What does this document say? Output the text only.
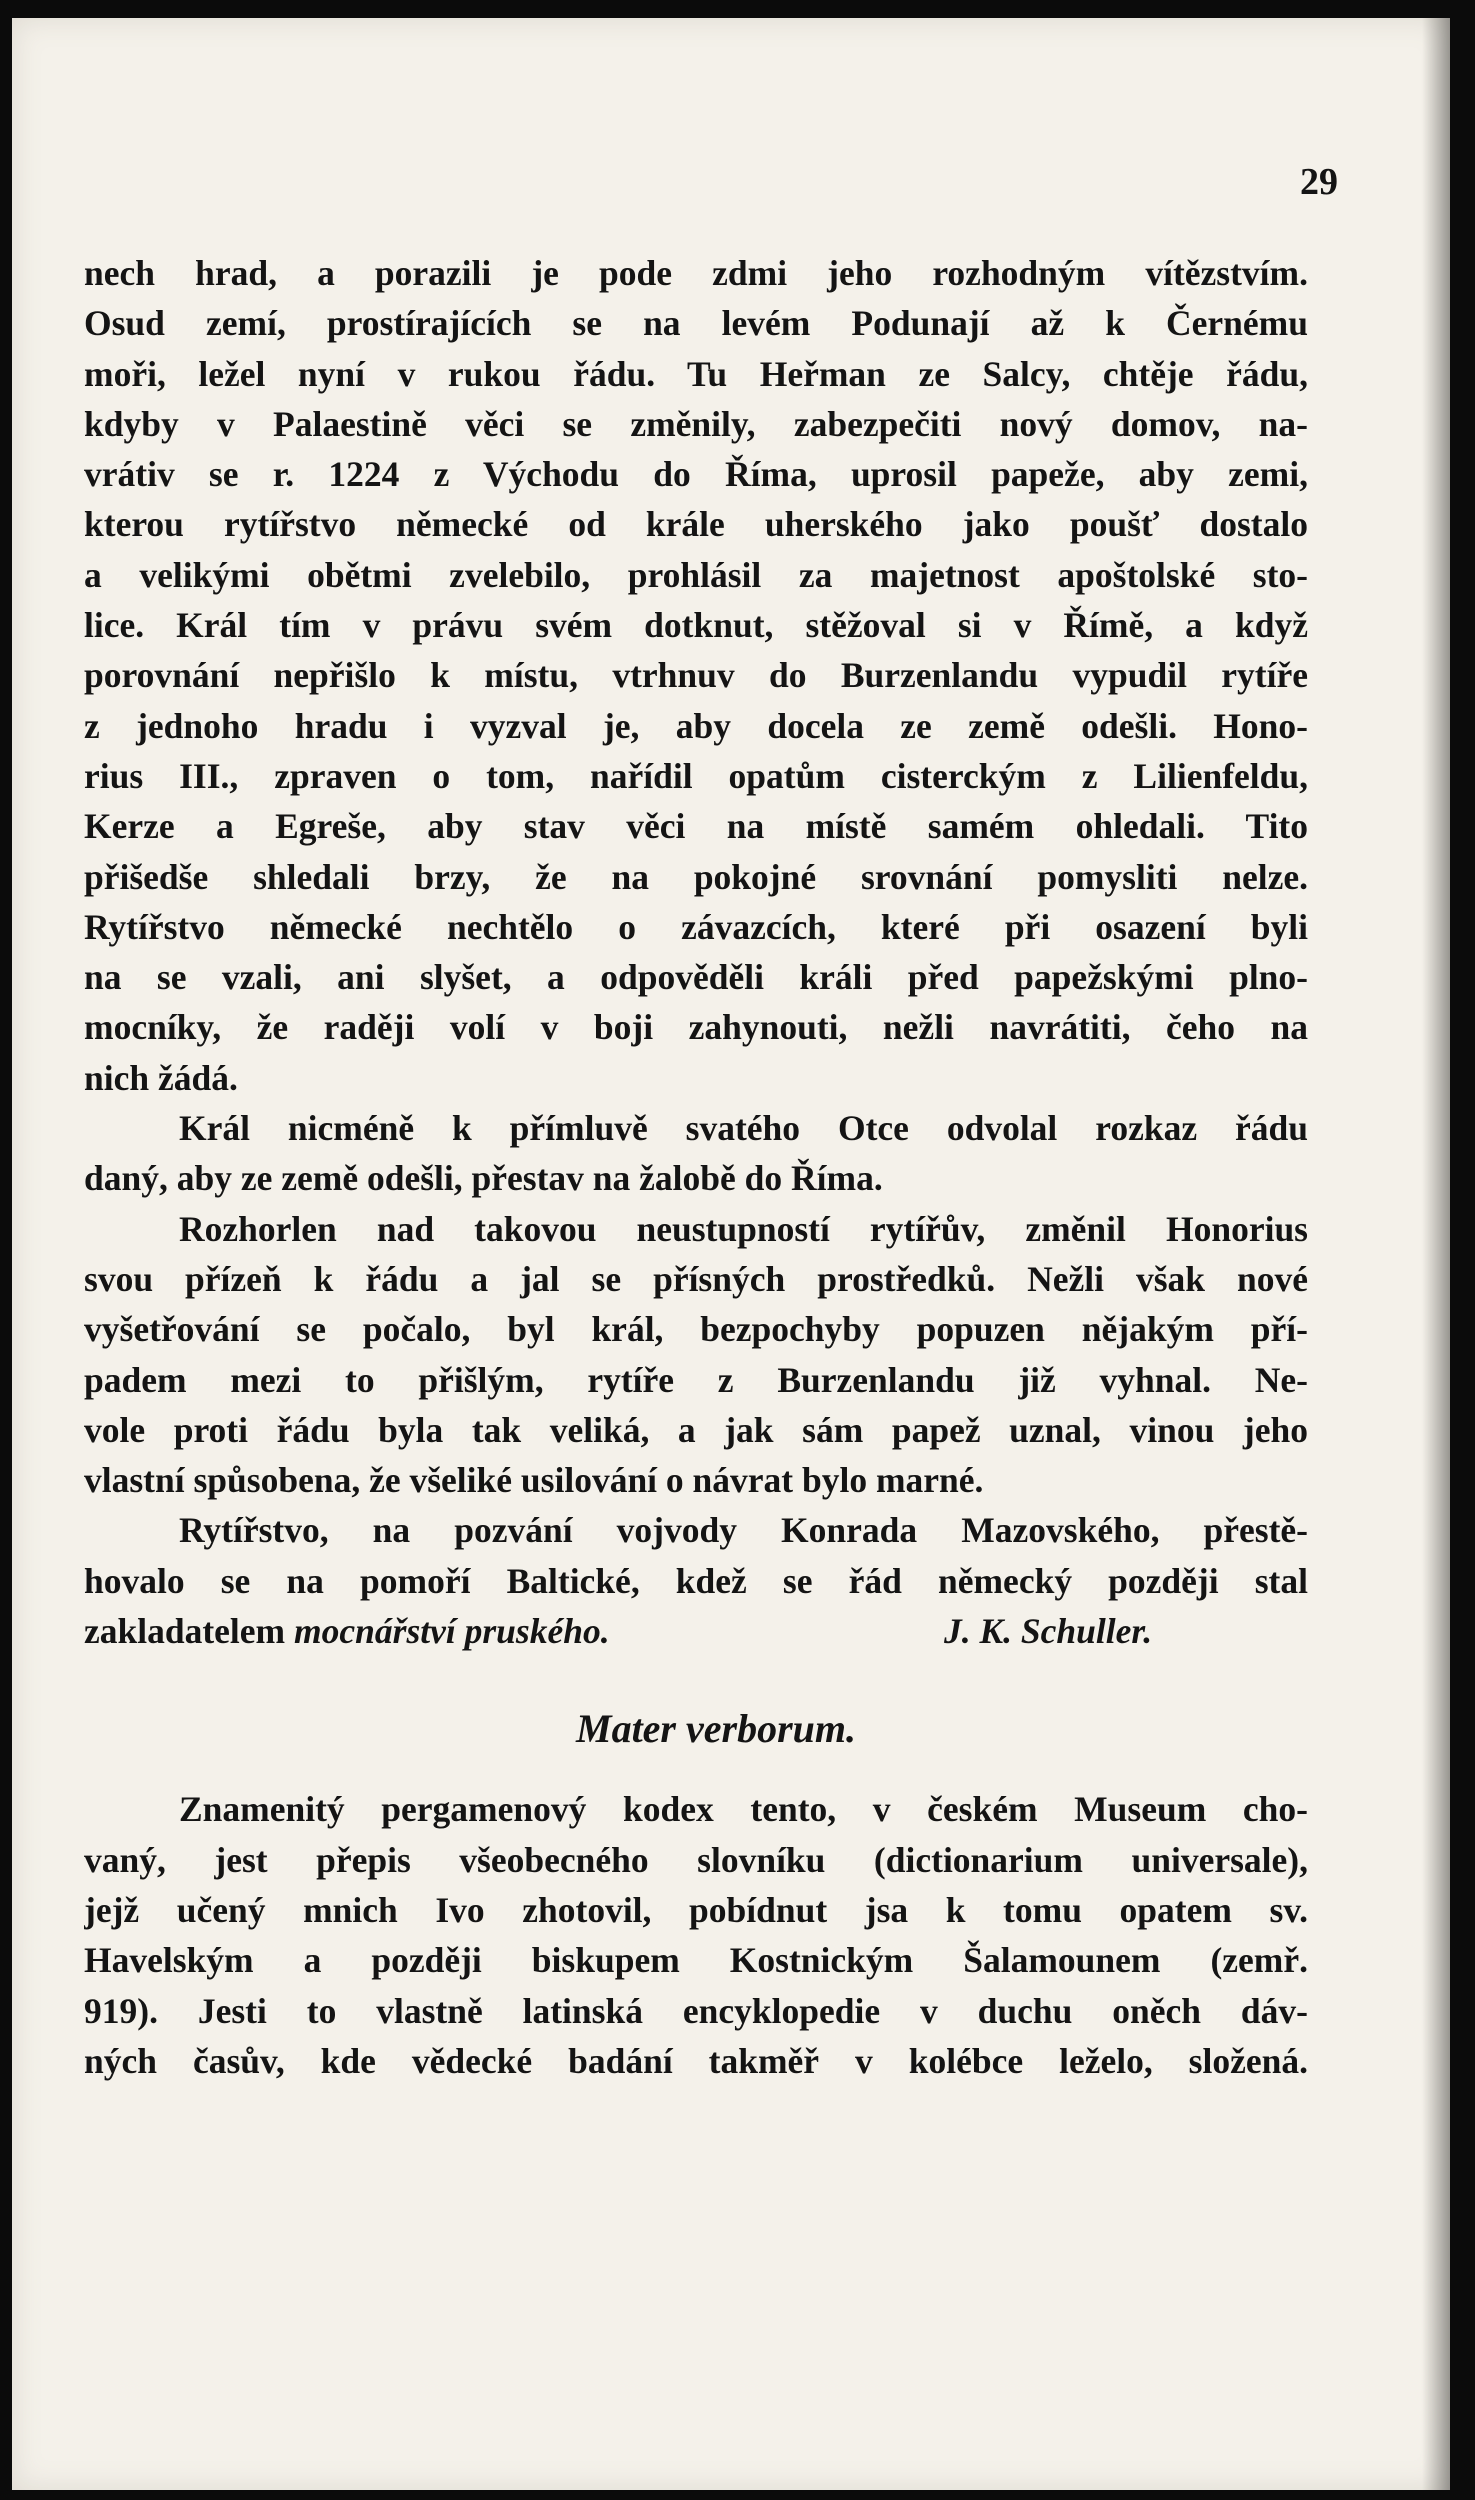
29
nech hrad, a porazili je pode zdmi jeho rozhodným vítězstvím.
Osud zemí, prostírajících se na levém Podunají až k Černému
moři, ležel nyní v rukou řádu. Tu Heřman ze Salcy, chtěje řádu,
kdyby v Palaestině věci se změnily, zabezpečiti nový domov, na-
vrátiv se r. 1224 z Východu do Říma, uprosil papeže, aby zemi,
kterou rytířstvo německé od krále uherského jako poušť dostalo
a velikými obětmi zvelebilo, prohlásil za majetnost apoštolské sto-
lice. Král tím v právu svém dotknut, stěžoval si v Římě, a když
porovnání nepřišlo k místu, vtrhnuv do Burzenlandu vypudil rytíře
z jednoho hradu i vyzval je, aby docela ze země odešli. Hono-
rius III., zpraven o tom, nařídil opatům cisterckým z Lilienfeldu,
Kerze a Egreše, aby stav věci na místě samém ohledali. Tito
přišedše shledali brzy, že na pokojné srovnání pomysliti nelze.
Rytířstvo německé nechtělo o závazcích, které při osazení byli
na se vzali, ani slyšet, a odpověděli králi před papežskými plno-
mocníky, že raději volí v boji zahynouti, nežli navrátiti, čeho na
nich žádá.
Král nicméně k přímluvě svatého Otce odvolal rozkaz řádu
daný, aby ze země odešli, přestav na žalobě do Říma.
Rozhorlen nad takovou neustupností rytířův, změnil Honorius
svou přízeň k řádu a jal se přísných prostředků. Nežli však nové
vyšetřování se počalo, byl král, bezpochyby popuzen nějakým pří-
padem mezi to přišlým, rytíře z Burzenlandu již vyhnal. Ne-
vole proti řádu byla tak veliká, a jak sám papež uznal, vinou jeho
vlastní spůsobena, že všeliké usilování o návrat bylo marné.
Rytířstvo, na pozvání vojvody Konrada Mazovského, přestě-
hovalo se na pomoří Baltické, kdež se řád německý později stal
zakladatelem mocnářství pruského.	J. K. Schuller.
Mater verborum.
Znamenitý pergamenový kodex tento, v českém Museum cho-
vaný, jest přepis všeobecného slovníku (dictionarium universale),
jejž učený mnich Ivo zhotovil, pobídnut jsa k tomu opatem sv.
Havelským a později biskupem Kostnickým Šalamounem (zemř.
919). Jesti to vlastně latinská encyklopedie v duchu oněch dáv-
ných časův, kde vědecké badání takměř v kolébce leželo, složená.
